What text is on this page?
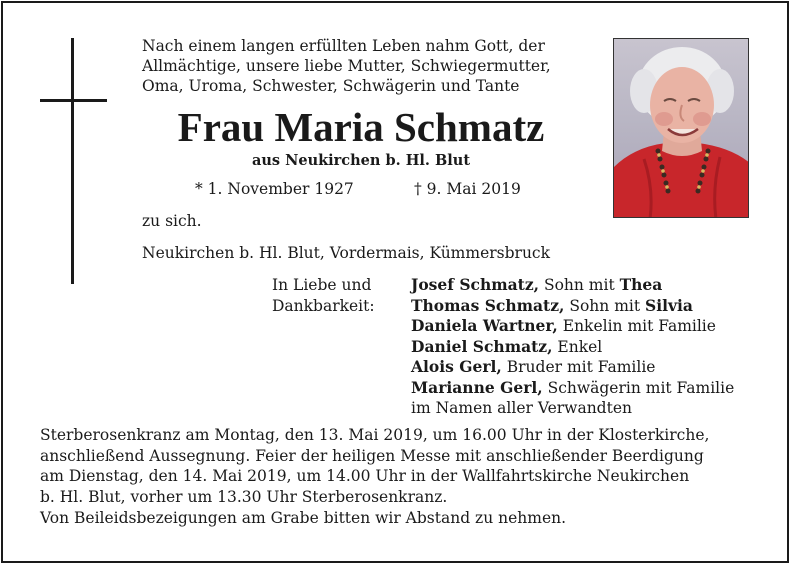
Nach einem langen erfüllten Leben nahm Gott, der
Allmächtige, unsere liebe Mutter, Schwiegermutter,
Oma, Uroma, Schwester, Schwägerin und Tante
Frau Maria Schmatz
aus Neukirchen b. Hl. Blut
* 1. November 1927	† 9. Mai 2019
zu sich.
Neukirchen b. Hl. Blut, Vordermais, Kümmersbruck
In Liebe und
Dankbarkeit:
Josef Schmatz, Sohn mit Thea
Thomas Schmatz, Sohn mit Silvia
Daniela Wartner, Enkelin mit Familie
Daniel Schmatz, Enkel
Alois Gerl, Bruder mit Familie
Marianne Gerl, Schwägerin mit Familie
im Namen aller Verwandten
Sterberosenkranz am Montag, den 13. Mai 2019, um 16.00 Uhr in der Klosterkirche,
anschließend Aussegnung. Feier der heiligen Messe mit anschließender Beerdigung
am Dienstag, den 14. Mai 2019, um 14.00 Uhr in der Wallfahrtskirche Neukirchen
b. Hl. Blut, vorher um 13.30 Uhr Sterberosenkranz.
Von Beileidsbezeigungen am Grabe bitten wir Abstand zu nehmen.
